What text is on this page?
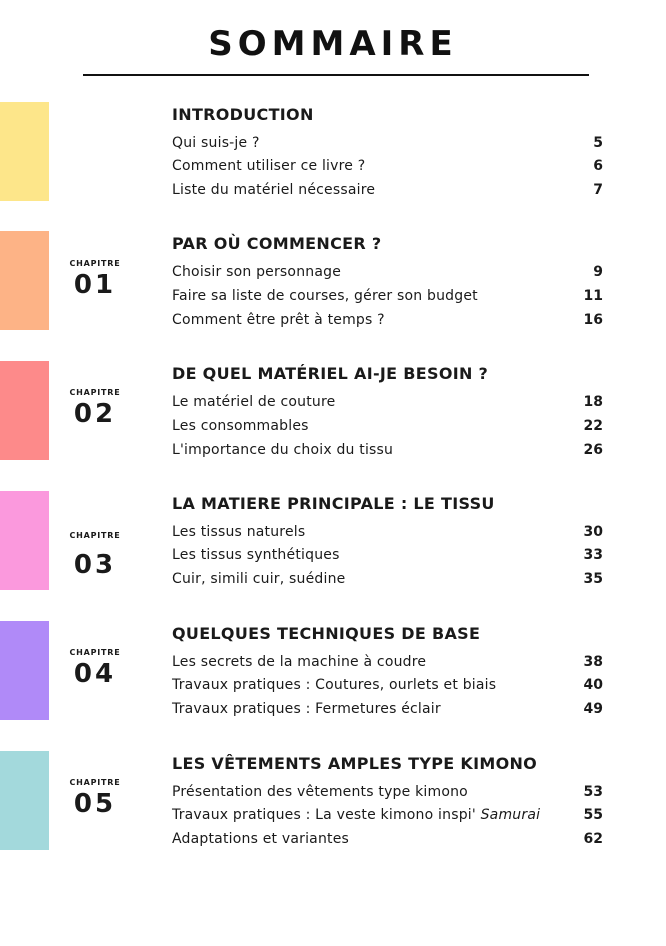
SOMMAIRE
INTRODUCTION
Qui suis-je ?	5
Comment utiliser ce livre ?	6
Liste du matériel nécessaire	7
CHAPITRE
01
PAR OÙ COMMENCER ?
Choisir son personnage	9
Faire sa liste de courses, gérer son budget	11
Comment être prêt à temps ?	16
CHAPITRE
02
DE QUEL MATÉRIEL AI-JE BESOIN ?
Le matériel de couture	18
Les consommables	22
L'importance du choix du tissu	26
CHAPITRE
03
LA MATIERE PRINCIPALE : LE TISSU
Les tissus naturels	30
Les tissus synthétiques	33
Cuir, simili cuir, suédine	35
CHAPITRE
04
QUELQUES TECHNIQUES DE BASE
Les secrets de la machine à coudre	38
Travaux pratiques : Coutures, ourlets et biais	40
Travaux pratiques : Fermetures éclair	49
CHAPITRE
05
LES VÊTEMENTS AMPLES TYPE KIMONO
Présentation des vêtements type kimono	53
Travaux pratiques : La veste kimono inspi' Samurai	55
Adaptations et variantes	62
